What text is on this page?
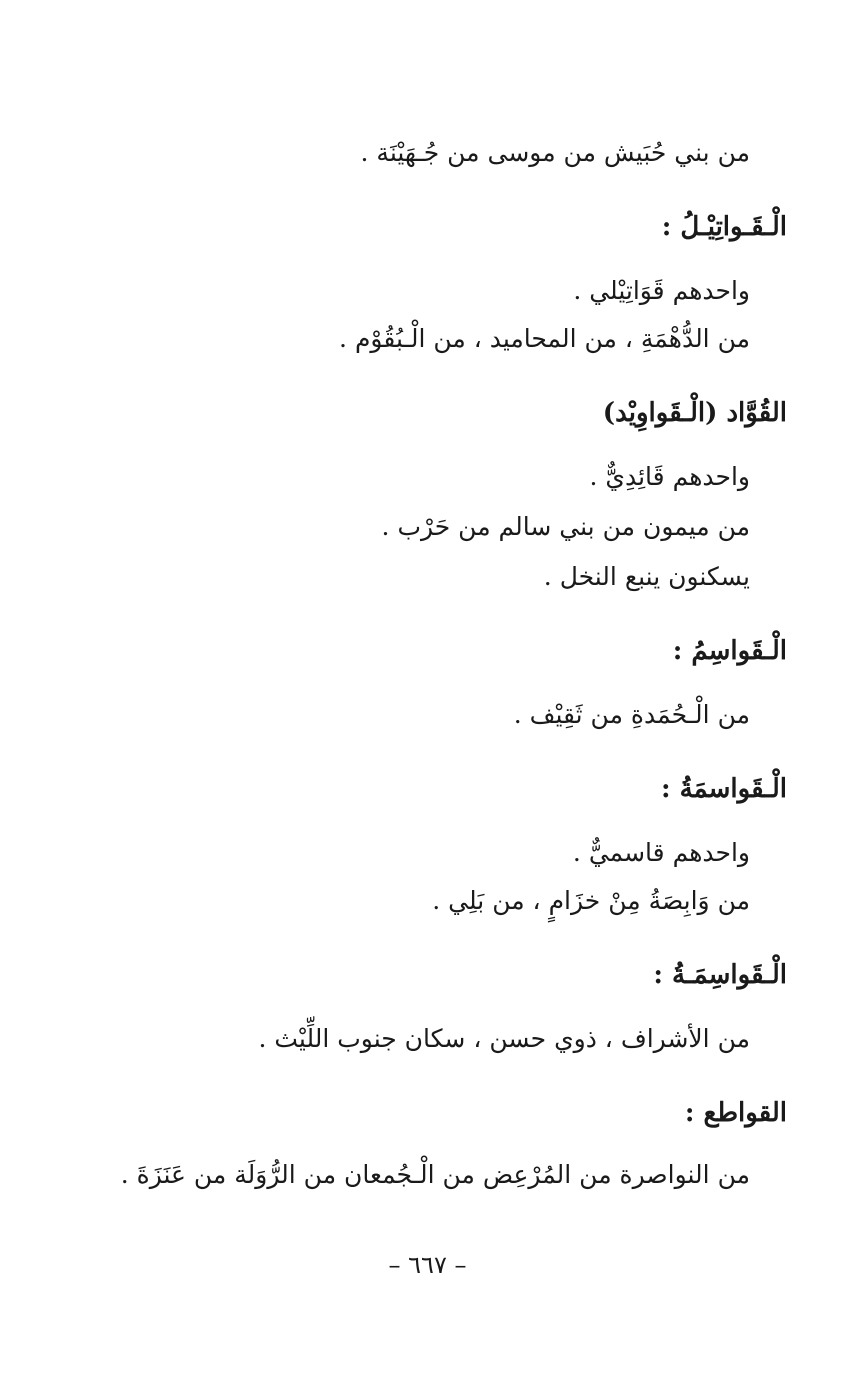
من بني حُبَيش من موسى من جُـهَيْنَة .
الْـقَـواتِيْـلُ :
واحدهم قَوَاتِيْلي .
من الدُّهْمَةِ ، من المحاميد ، من الْـبُقُوْم .
القُوَّاد (الْـقَواوِيْد)
واحدهم قَائِدِيٌّ .
من ميمون من بني سالم من حَرْب .
يسكنون ينبع النخل .
الْـقَواسِمُ :
من الْـحُمَدةِ من ثَقِيْف .
الْـقَواسمَةُ :
واحدهم قاسميٌّ .
من وَابِصَةُ مِنْ خزَامٍ ، من بَلِي .
الْـقَواسِمَـةُ :
من الأشراف ، ذوي حسن ، سكان جنوب اللِّيْث .
القواطع :
من النواصرة من المُرْعِض من الْـجُمعان من الرُّوَلَة من عَنَزَةَ .
– ٦٦٧ –
